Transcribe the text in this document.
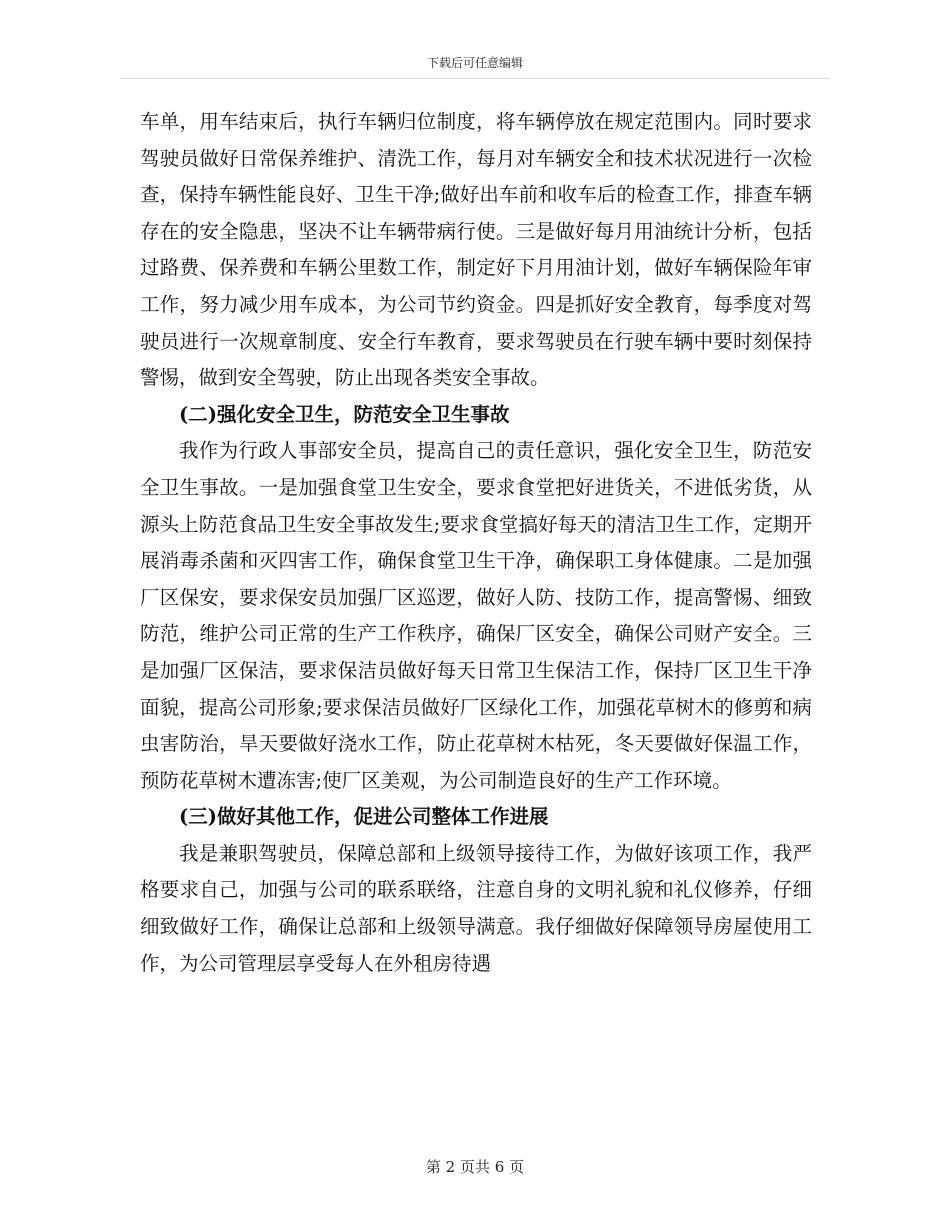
下载后可任意编辑

车单，用车结束后，执行车辆归位制度，将车辆停放在规定范围内。同时要求驾驶员做好日常保养维护、清洗工作，每月对车辆安全和技术状况进行一次检查，保持车辆性能良好、卫生干净;做好出车前和收车后的检查工作，排查车辆存在的安全隐患，坚决不让车辆带病行使。三是做好每月用油统计分析，包括过路费、保养费和车辆公里数工作，制定好下月用油计划，做好车辆保险年审工作，努力减少用车成本，为公司节约资金。四是抓好安全教育，每季度对驾驶员进行一次规章制度、安全行车教育，要求驾驶员在行驶车辆中要时刻保持警惕，做到安全驾驶，防止出现各类安全事故。

(二)强化安全卫生，防范安全卫生事故

我作为行政人事部安全员，提高自己的责任意识，强化安全卫生，防范安全卫生事故。一是加强食堂卫生安全，要求食堂把好进货关，不进低劣货，从源头上防范食品卫生安全事故发生;要求食堂搞好每天的清洁卫生工作，定期开展消毒杀菌和灭四害工作，确保食堂卫生干净，确保职工身体健康。二是加强厂区保安，要求保安员加强厂区巡逻，做好人防、技防工作，提高警惕、细致防范，维护公司正常的生产工作秩序，确保厂区安全，确保公司财产安全。三是加强厂区保洁，要求保洁员做好每天日常卫生保洁工作，保持厂区卫生干净面貌，提高公司形象;要求保洁员做好厂区绿化工作，加强花草树木的修剪和病虫害防治，旱天要做好浇水工作，防止花草树木枯死，冬天要做好保温工作，预防花草树木遭冻害;使厂区美观，为公司制造良好的生产工作环境。

(三)做好其他工作，促进公司整体工作进展

我是兼职驾驶员，保障总部和上级领导接待工作，为做好该项工作，我严格要求自己，加强与公司的联系联络，注意自身的文明礼貌和礼仪修养，仔细细致做好工作，确保让总部和上级领导满意。我仔细做好保障领导房屋使用工作，为公司管理层享受每人在外租房待遇

第 2 页共 6 页
